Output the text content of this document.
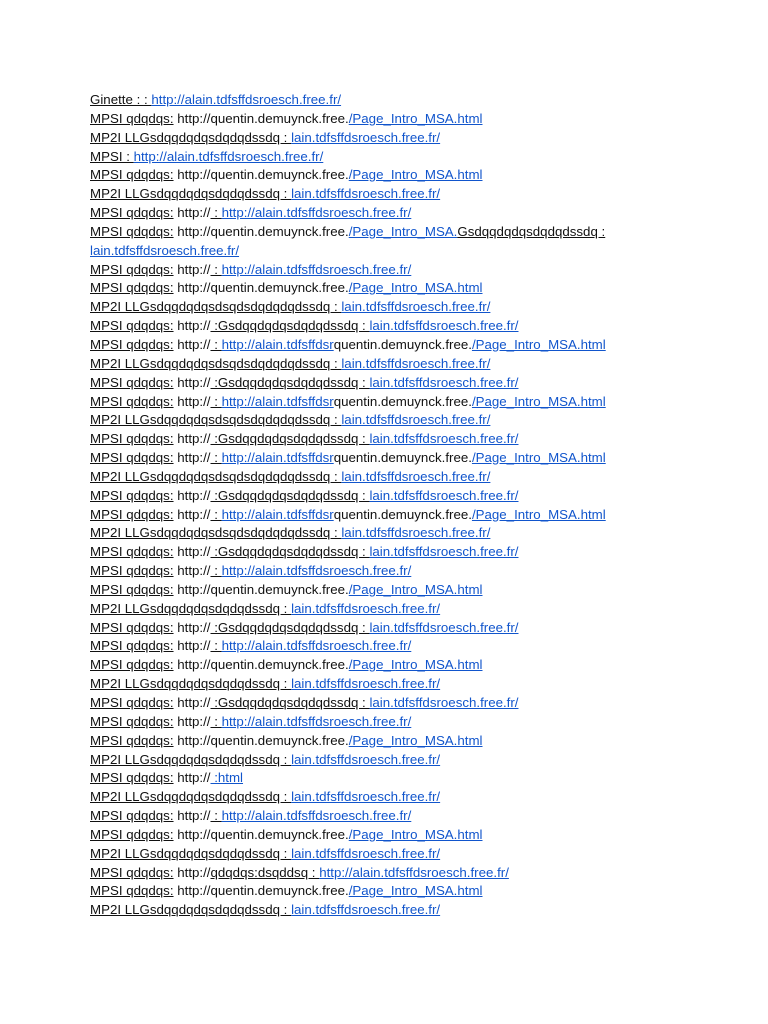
Ginette : : http://alain.tdfsffdsroesch.free.fr/
MPSI qdqdqs: http://quentin.demuynck.free./Page_Intro_MSA.html
MP2I LLGsdqqdqdqsdqdqdssdq : lain.tdfsffdsroesch.free.fr/
MPSI : http://alain.tdfsffdsroesch.free.fr/
MPSI qdqdqs: http://quentin.demuynck.free./Page_Intro_MSA.html
MP2I LLGsdqqdqdqsdqdqdssdq : lain.tdfsffdsroesch.free.fr/
MPSI qdqdqs: http:// : http://alain.tdfsffdsroesch.free.fr/
MPSI qdqdqs: http://quentin.demuynck.free./Page_Intro_MSA.Gsdqqdqdqsdqdqdssdq :
lain.tdfsffdsroesch.free.fr/
MPSI qdqdqs: http:// : http://alain.tdfsffdsroesch.free.fr/
MPSI qdqdqs: http://quentin.demuynck.free./Page_Intro_MSA.html
MP2I LLGsdqqdqdqsdsqdsdqdqdqdssdq : lain.tdfsffdsroesch.free.fr/
MPSI qdqdqs: http:// :Gsdqqdqdqsdqdqdssdq : lain.tdfsffdsroesch.free.fr/
MPSI qdqdqs: http:// : http://alain.tdfsffdsrquentin.demuynck.free./Page_Intro_MSA.html
MP2I LLGsdqqdqdqsdsqdsdqdqdqdssdq : lain.tdfsffdsroesch.free.fr/
MPSI qdqdqs: http:// :Gsdqqdqdqsdqdqdssdq : lain.tdfsffdsroesch.free.fr/
MPSI qdqdqs: http:// : http://alain.tdfsffdsrquentin.demuynck.free./Page_Intro_MSA.html
MP2I LLGsdqqdqdqsdsqdsdqdqdqdssdq : lain.tdfsffdsroesch.free.fr/
MPSI qdqdqs: http:// :Gsdqqdqdqsdqdqdssdq : lain.tdfsffdsroesch.free.fr/
MPSI qdqdqs: http:// : http://alain.tdfsffdsrquentin.demuynck.free./Page_Intro_MSA.html
MP2I LLGsdqqdqdqsdsqdsdqdqdqdssdq : lain.tdfsffdsroesch.free.fr/
MPSI qdqdqs: http:// :Gsdqqdqdqsdqdqdssdq : lain.tdfsffdsroesch.free.fr/
MPSI qdqdqs: http:// : http://alain.tdfsffdsrquentin.demuynck.free./Page_Intro_MSA.html
MP2I LLGsdqqdqdqsdsqdsdqdqdqdssdq : lain.tdfsffdsroesch.free.fr/
MPSI qdqdqs: http:// :Gsdqqdqdqsdqdqdssdq : lain.tdfsffdsroesch.free.fr/
MPSI qdqdqs: http:// : http://alain.tdfsffdsroesch.free.fr/
MPSI qdqdqs: http://quentin.demuynck.free./Page_Intro_MSA.html
MP2I LLGsdqqdqdqsdqdqdssdq : lain.tdfsffdsroesch.free.fr/
MPSI qdqdqs: http:// :Gsdqqdqdqsdqdqdssdq : lain.tdfsffdsroesch.free.fr/
MPSI qdqdqs: http:// : http://alain.tdfsffdsroesch.free.fr/
MPSI qdqdqs: http://quentin.demuynck.free./Page_Intro_MSA.html
MP2I LLGsdqqdqdqsdqdqdssdq : lain.tdfsffdsroesch.free.fr/
MPSI qdqdqs: http:// :Gsdqqdqdqsdqdqdssdq : lain.tdfsffdsroesch.free.fr/
MPSI qdqdqs: http:// : http://alain.tdfsffdsroesch.free.fr/
MPSI qdqdqs: http://quentin.demuynck.free./Page_Intro_MSA.html
MP2I LLGsdqqdqdqsdqdqdssdq : lain.tdfsffdsroesch.free.fr/
MPSI qdqdqs: http:// :html
MP2I LLGsdqqdqdqsdqdqdssdq : lain.tdfsffdsroesch.free.fr/
MPSI qdqdqs: http:// : http://alain.tdfsffdsroesch.free.fr/
MPSI qdqdqs: http://quentin.demuynck.free./Page_Intro_MSA.html
MP2I LLGsdqqdqdqsdqdqdssdq : lain.tdfsffdsroesch.free.fr/
MPSI qdqdqs: http://qdqdqs:dsqddsq : http://alain.tdfsffdsroesch.free.fr/
MPSI qdqdqs: http://quentin.demuynck.free./Page_Intro_MSA.html
MP2I LLGsdqqdqdqsdqdqdssdq : lain.tdfsffdsroesch.free.fr/
